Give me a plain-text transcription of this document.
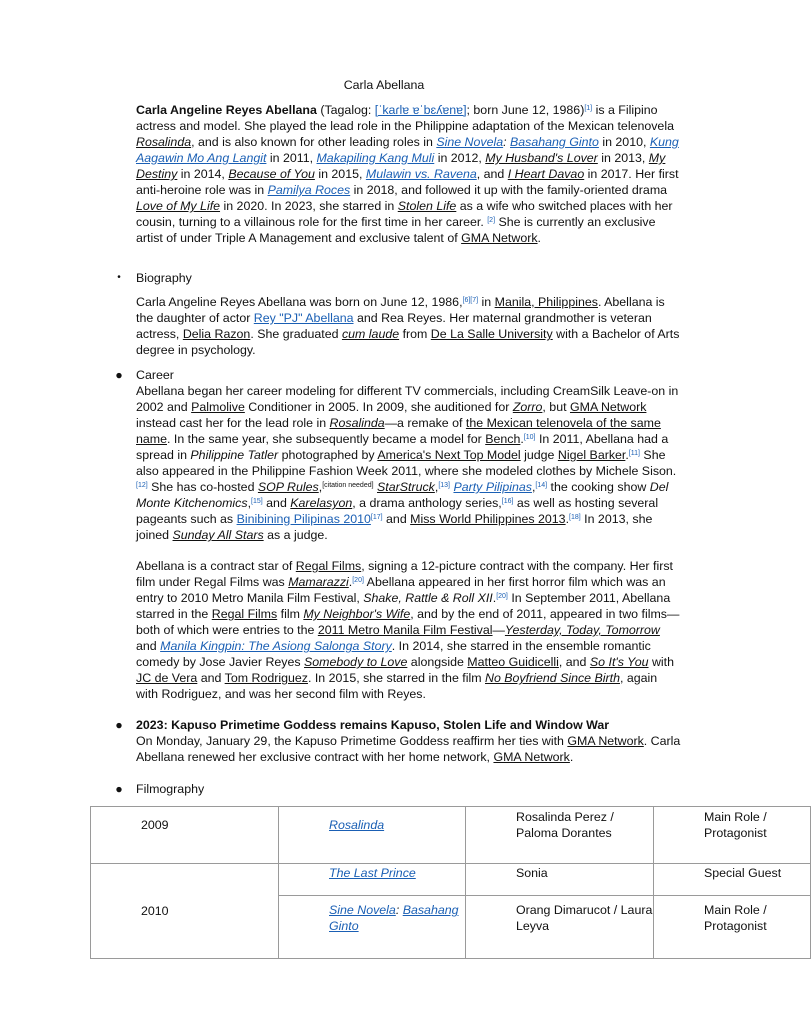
Carla Abellana

Carla Angeline Reyes Abellana (Tagalog: [ˈkaɾlɐ ɐˈbɛʎɐnɐ]; born June 12, 1986)[1] is a Filipino actress and model. She played the lead role in the Philippine adaptation of the Mexican telenovela Rosalinda, and is also known for other leading roles in Sine Novela: Basahang Ginto in 2010, Kung Aagawin Mo Ang Langit in 2011, Makapiling Kang Muli in 2012, My Husband's Lover in 2013, My Destiny in 2014, Because of You in 2015, Mulawin vs. Ravena, and I Heart Davao in 2017. Her first anti-heroine role was in Pamilya Roces in 2018, and followed it up with the family-oriented drama Love of My Life in 2020. In 2023, she starred in Stolen Life as a wife who switched places with her cousin, turning to a villainous role for the first time in her career. [2] She is currently an exclusive artist of under Triple A Management and exclusive talent of GMA Network.

• Biography

Carla Angeline Reyes Abellana was born on June 12, 1986,[6][7] in Manila, Philippines. Abellana is the daughter of actor Rey "PJ" Abellana and Rea Reyes. Her maternal grandmother is veteran actress, Delia Razon. She graduated cum laude from De La Salle University with a Bachelor of Arts degree in psychology.

● Career

Abellana began her career modeling for different TV commercials, including CreamSilk Leave-on in 2002 and Palmolive Conditioner in 2005. In 2009, she auditioned for Zorro, but GMA Network instead cast her for the lead role in Rosalinda—a remake of the Mexican telenovela of the same name. In the same year, she subsequently became a model for Bench.[10] In 2011, Abellana had a spread in Philippine Tatler photographed by America's Next Top Model judge Nigel Barker.[11] She also appeared in the Philippine Fashion Week 2011, where she modeled clothes by Michele Sison.[12] She has co-hosted SOP Rules,[citation needed] StarStruck,[13] Party Pilipinas,[14] the cooking show Del Monte Kitchenomics,[15] and Karelasyon, a drama anthology series,[16] as well as hosting several pageants such as Binibining Pilipinas 2010[17] and Miss World Philippines 2013.[18] In 2013, she joined Sunday All Stars as a judge.

Abellana is a contract star of Regal Films, signing a 12-picture contract with the company. Her first film under Regal Films was Mamarazzi.[20] Abellana appeared in her first horror film which was an entry to 2010 Metro Manila Film Festival, Shake, Rattle & Roll XII.[20] In September 2011, Abellana starred in the Regal Films film My Neighbor's Wife, and by the end of 2011, appeared in two films—both of which were entries to the 2011 Metro Manila Film Festival—Yesterday, Today, Tomorrow and Manila Kingpin: The Asiong Salonga Story. In 2014, she starred in the ensemble romantic comedy by Jose Javier Reyes Somebody to Love alongside Matteo Guidicelli, and So It's You with JC de Vera and Tom Rodriguez. In 2015, she starred in the film No Boyfriend Since Birth, again with Rodriguez, and was her second film with Reyes.

● 2023: Kapuso Primetime Goddess remains Kapuso, Stolen Life and Window War

On Monday, January 29, the Kapuso Primetime Goddess reaffirm her ties with GMA Network. Carla Abellana renewed her exclusive contract with her home network, GMA Network.

● Filmography
2009	Rosalinda	Rosalinda Perez / Paloma Dorantes	Main Role / Protagonist
2010	The Last Prince	Sonia	Special Guest
	Sine Novela: Basahang Ginto	Orang Dimarucot / Laura Leyva	Main Role / Protagonist
